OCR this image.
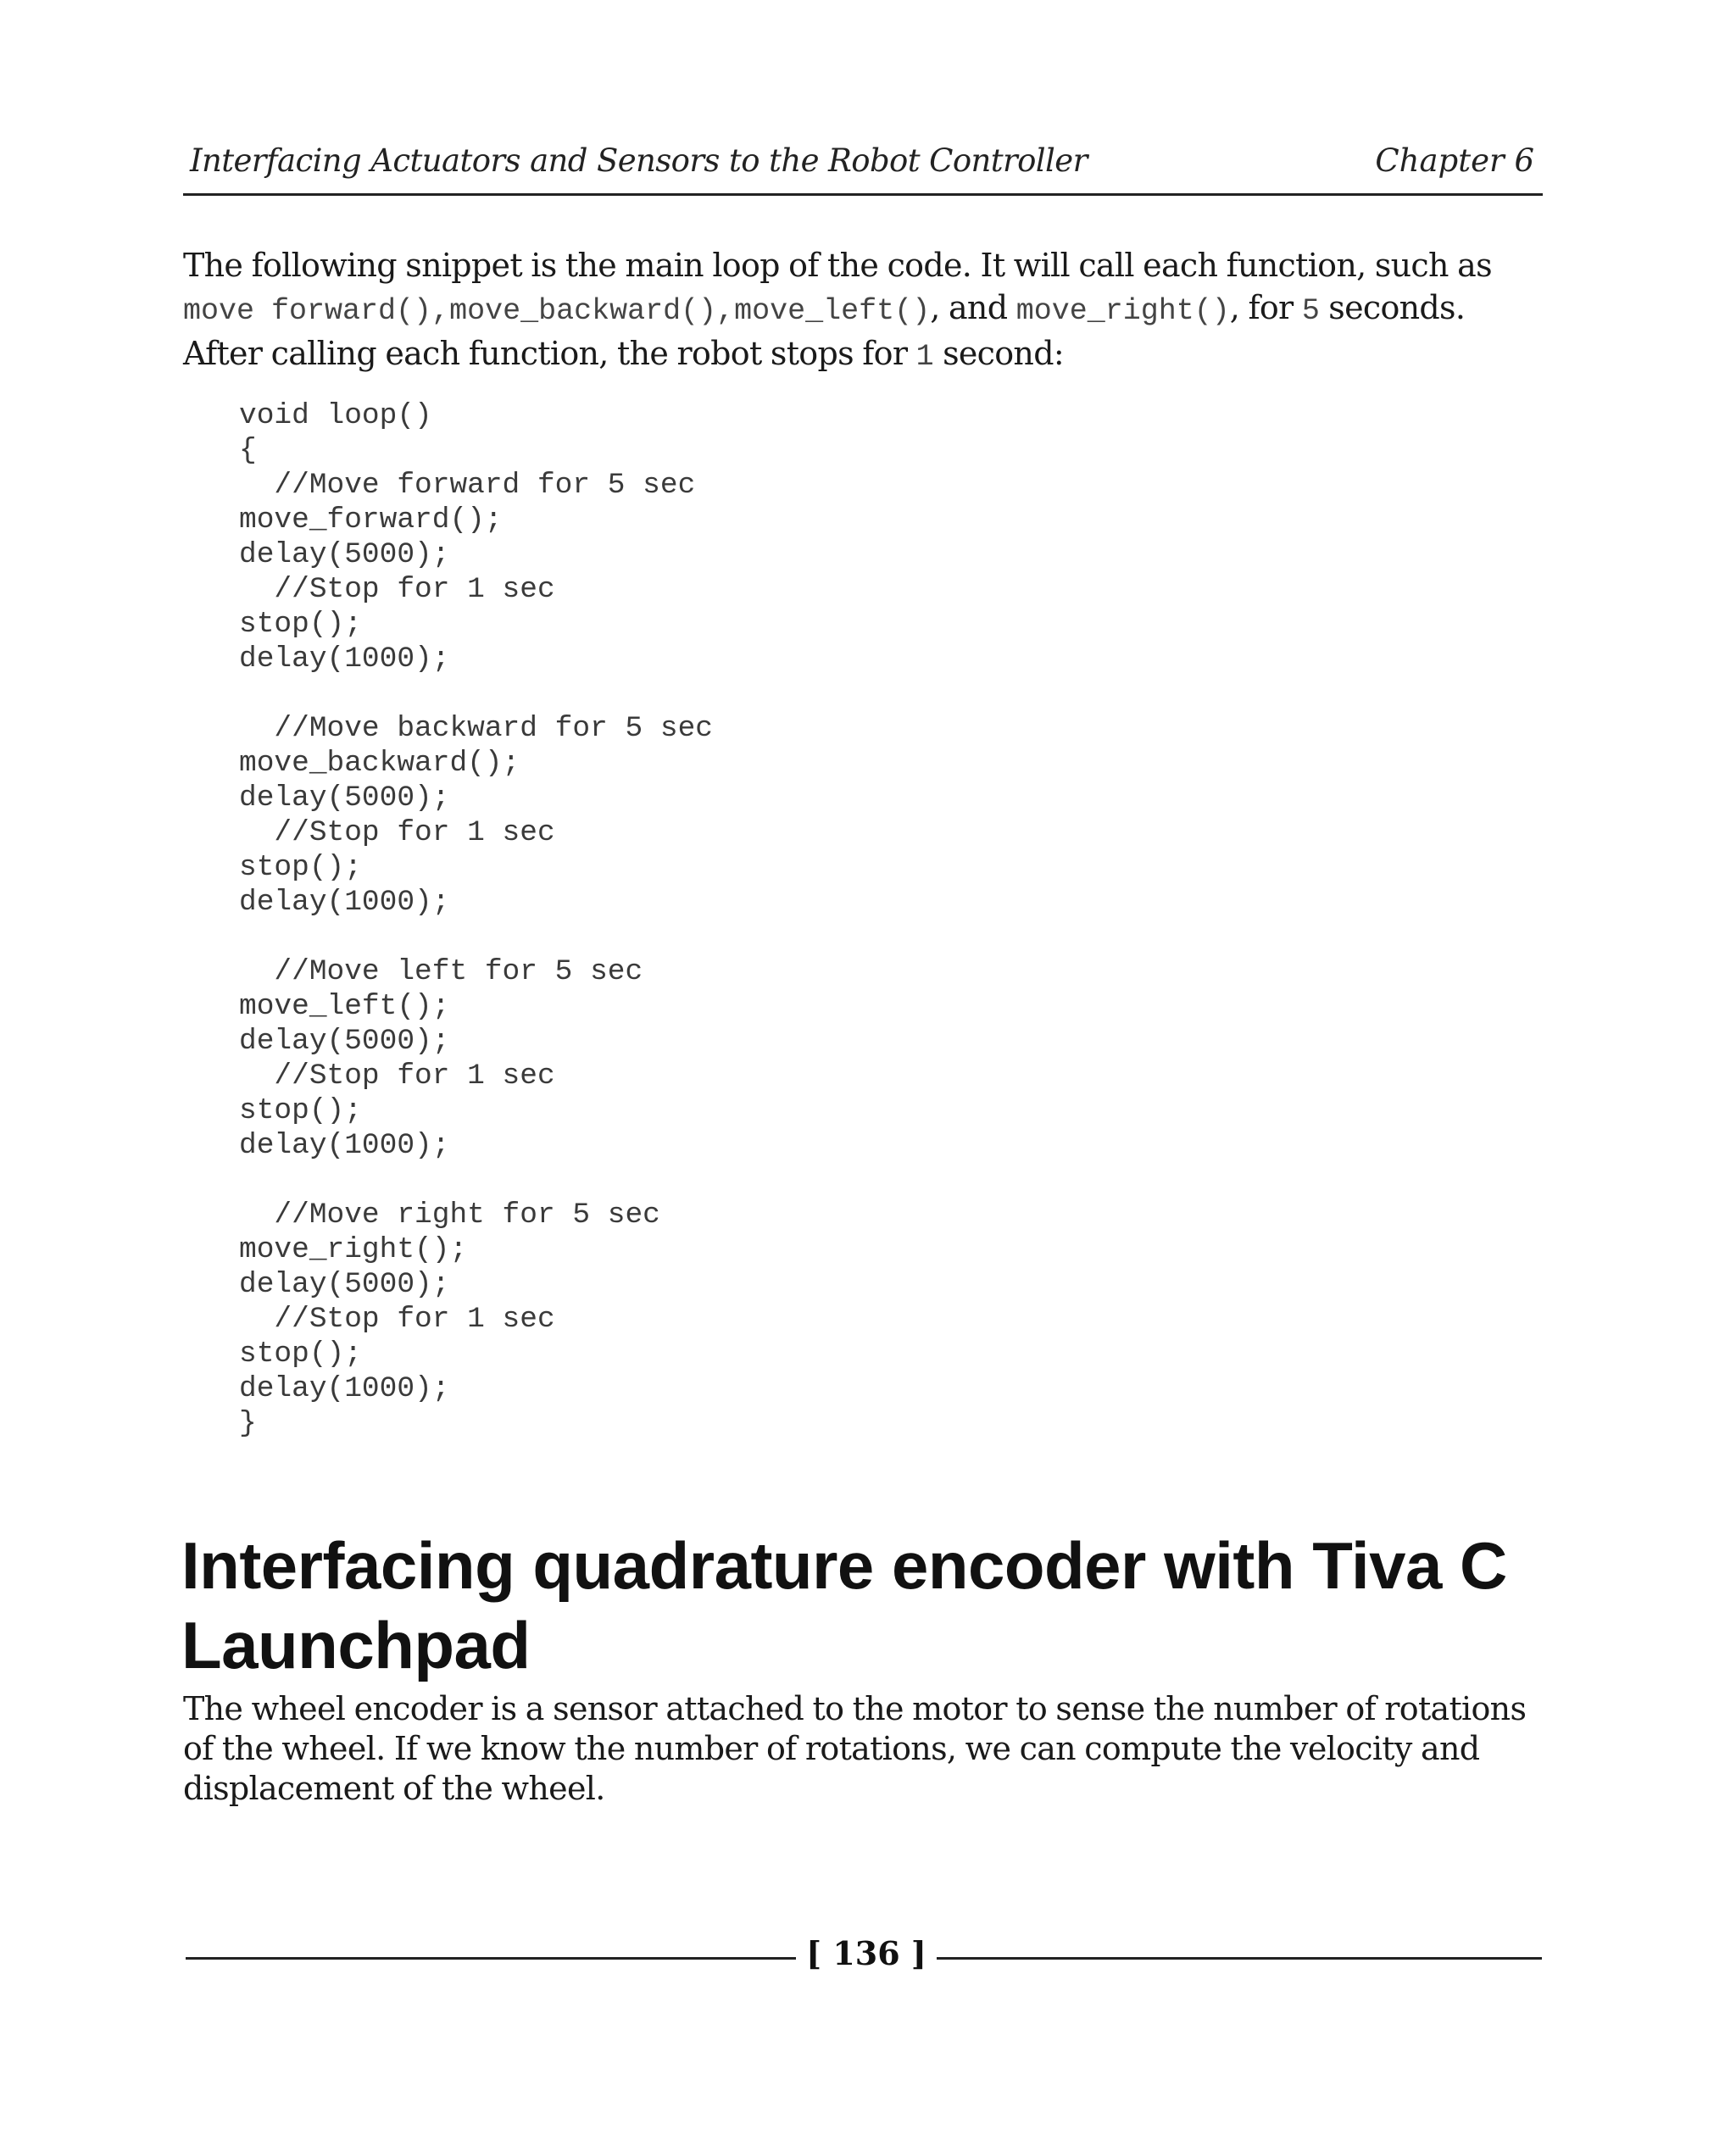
Interfacing Actuators and Sensors to the Robot Controller	Chapter 6

The following snippet is the main loop of the code. It will call each function, such as move forward(),move_backward(),move_left(), and move_right(), for 5 seconds. After calling each function, the robot stops for 1 second:

void loop()
{
//Move forward for 5 sec
move_forward();
delay(5000);
//Stop for 1 sec
stop();
delay(1000);

//Move backward for 5 sec
move_backward();
delay(5000);
//Stop for 1 sec
stop();
delay(1000);

//Move left for 5 sec
move_left();
delay(5000);
//Stop for 1 sec
stop();
delay(1000);

//Move right for 5 sec
move_right();
delay(5000);
//Stop for 1 sec
stop();
delay(1000);
}
Interfacing quadrature encoder with Tiva C Launchpad

The wheel encoder is a sensor attached to the motor to sense the number of rotations of the wheel. If we know the number of rotations, we can compute the velocity and displacement of the wheel.

[ 136 ]
